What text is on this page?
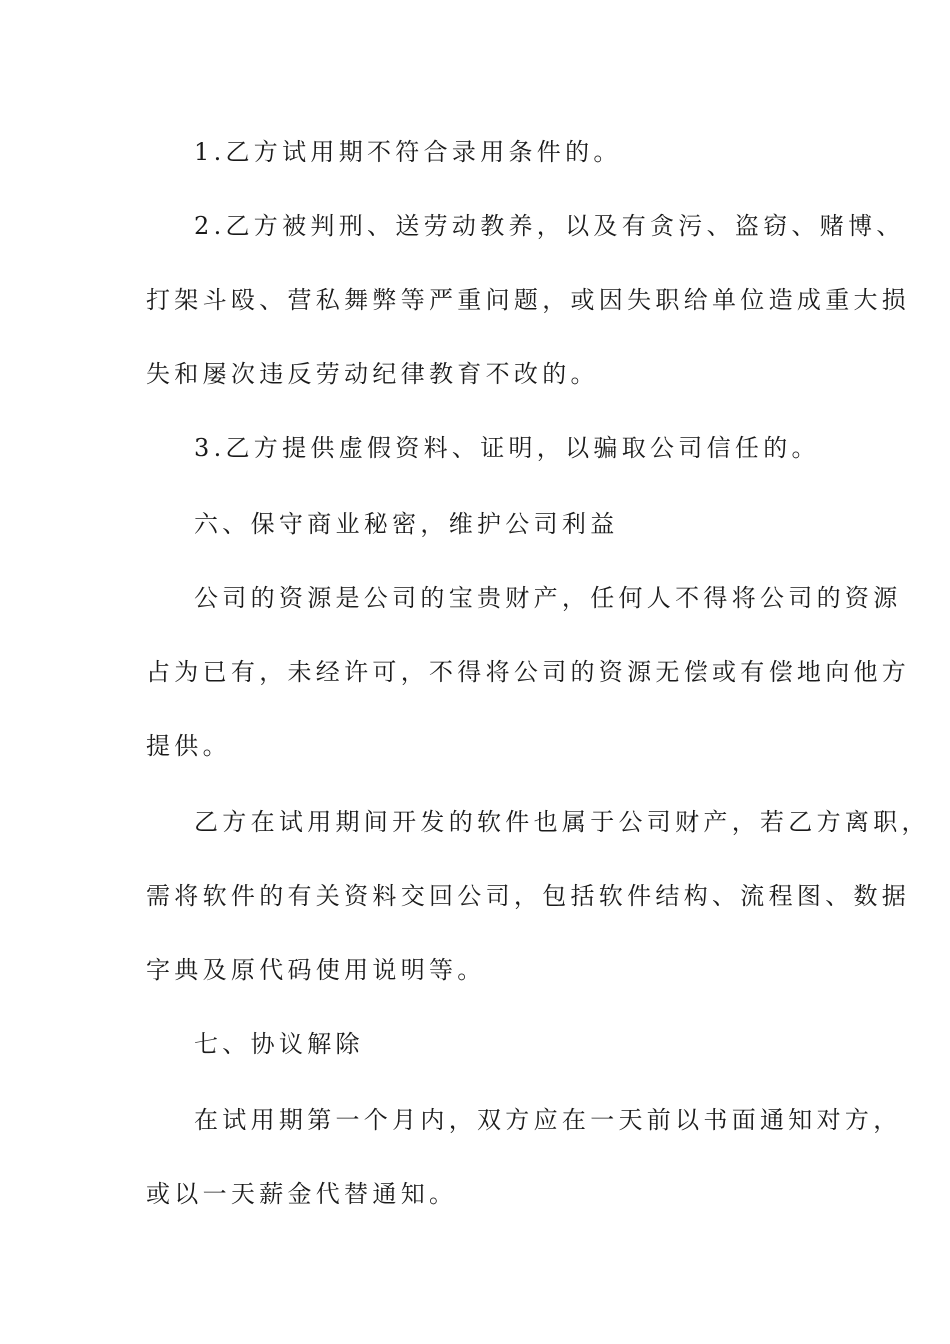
1.乙方试用期不符合录用条件的。
2.乙方被判刑、送劳动教养，以及有贪污、盗窃、赌博、
打架斗殴、营私舞弊等严重问题，或因失职给单位造成重大损
失和屡次违反劳动纪律教育不改的。
3.乙方提供虚假资料、证明，以骗取公司信任的。
六、保守商业秘密，维护公司利益
公司的资源是公司的宝贵财产，任何人不得将公司的资源
占为已有，未经许可，不得将公司的资源无偿或有偿地向他方
提供。
乙方在试用期间开发的软件也属于公司财产，若乙方离职，
需将软件的有关资料交回公司，包括软件结构、流程图、数据
字典及原代码使用说明等。
七、协议解除
在试用期第一个月内，双方应在一天前以书面通知对方，
或以一天薪金代替通知。
